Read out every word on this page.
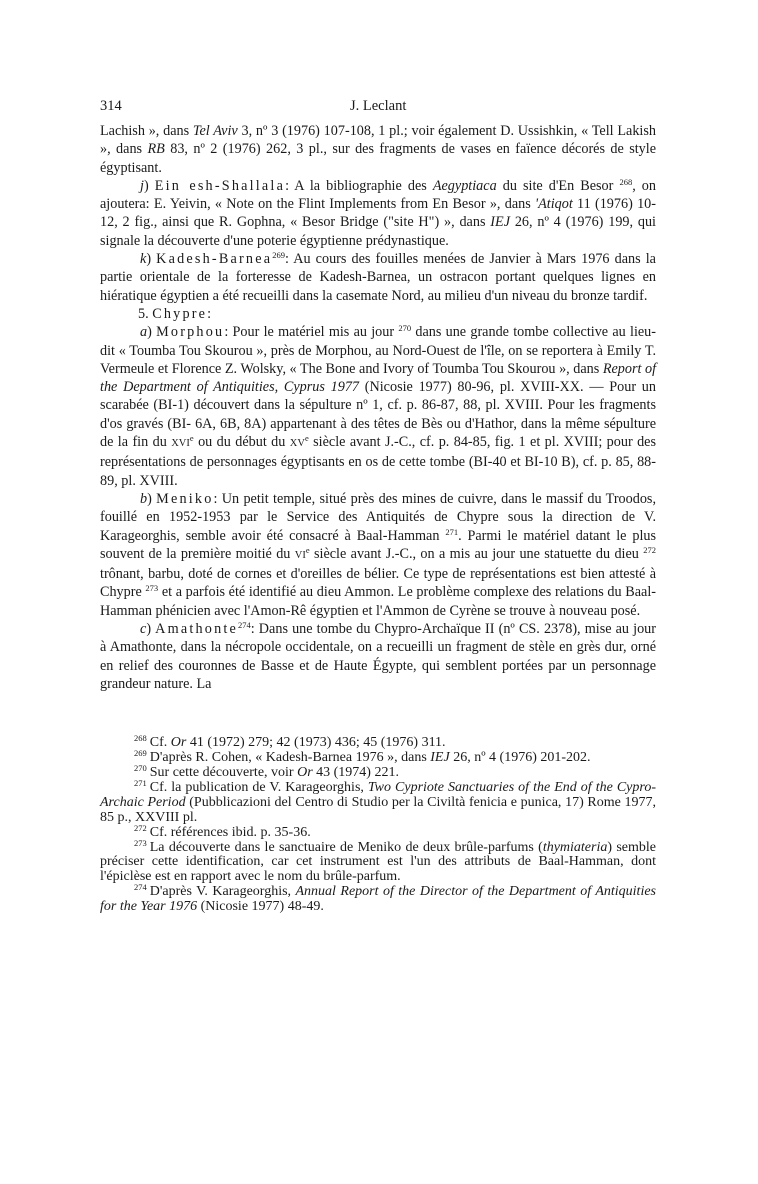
314	J. Leclant

Lachish », dans Tel Aviv 3, nº 3 (1976) 107-108, 1 pl.; voir également D. Ussishkin, « Tell Lakish », dans RB 83, nº 2 (1976) 262, 3 pl., sur des fragments de vases en faïence décorés de style égyptisant.

j) Ein esh-Shallala: A la bibliographie des Aegyptiaca du site d'En Besor $^{268}$, on ajoutera: E. Yeivin, « Note on the Flint Implements from En Besor », dans 'Atiqot 11 (1976) 10-12, 2 fig., ainsi que R. Gophna, « Besor Bridge ("site H") », dans IEJ 26, nº 4 (1976) 199, qui signale la découverte d'une poterie égyptienne prédynastique.

k) Kadesh-Barnea$^{269}$: Au cours des fouilles menées de Janvier à Mars 1976 dans la partie orientale de la forteresse de Kadesh-Barnea, un ostracon portant quelques lignes en hiératique égyptien a été recueilli dans la casemate Nord, au milieu d'un niveau du bronze tardif.

5. Chypre:

a) Morphou: Pour le matériel mis au jour $^{270}$ dans une grande tombe collective au lieu-dit « Toumba Tou Skourou », près de Morphou, au Nord-Ouest de l'île, on se reportera à Emily T. Vermeule et Florence Z. Wolsky, « The Bone and Ivory of Toumba Tou Skourou », dans Report of the Department of Antiquities, Cyprus 1977 (Nicosie 1977) 80-96, pl. XVIII-XX. — Pour un scarabée (BI-1) découvert dans la sépulture nº 1, cf. p. 86-87, 88, pl. XVIII. Pour les fragments d'os gravés (BI- 6A, 6B, 8A) appartenant à des têtes de Bès ou d'Hathor, dans la même sépulture de la fin du XVIe ou du début du XVe siècle avant J.-C., cf. p. 84-85, fig. 1 et pl. XVIII; pour des représentations de personnages égyptisants en os de cette tombe (BI-40 et BI-10 B), cf. p. 85, 88-89, pl. XVIII.

b) Meniko: Un petit temple, situé près des mines de cuivre, dans le massif du Troodos, fouillé en 1952-1953 par le Service des Antiquités de Chypre sous la direction de V. Karageorghis, semble avoir été consacré à Baal-Hamman $^{271}$. Parmi le matériel datant le plus souvent de la première moitié du VIe siècle avant J.-C., on a mis au jour une statuette du dieu $^{272}$ trônant, barbu, doté de cornes et d'oreilles de bélier. Ce type de représentations est bien attesté à Chypre $^{273}$ et a parfois été identifié au dieu Ammon. Le problème complexe des relations du Baal-Hamman phénicien avec l'Amon-Rê égyptien et l'Ammon de Cyrène se trouve à nouveau posé.

c) Amathonte$^{274}$: Dans une tombe du Chypro-Archaïque II (nº CS. 2378), mise au jour à Amathonte, dans la nécropole occidentale, on a recueilli un fragment de stèle en grès dur, orné en relief des couronnes de Basse et de Haute Égypte, qui semblent portées par un personnage grandeur nature. La

$^{268}$ Cf. Or 41 (1972) 279; 42 (1973) 436; 45 (1976) 311.

$^{269}$ D'après R. Cohen, « Kadesh-Barnea 1976 », dans IEJ 26, nº 4 (1976) 201-202.

$^{270}$ Sur cette découverte, voir Or 43 (1974) 221.

$^{271}$ Cf. la publication de V. Karageorghis, Two Cypriote Sanctuaries of the End of the Cypro-Archaic Period (Pubblicazioni del Centro di Studio per la Civiltà fenicia e punica, 17) Rome 1977, 85 p., XXVIII pl.

$^{272}$ Cf. références ibid. p. 35-36.

$^{273}$ La découverte dans le sanctuaire de Meniko de deux brûle-parfums (thymiateria) semble préciser cette identification, car cet instrument est l'un des attributs de Baal-Hamman, dont l'épiclèse est en rapport avec le nom du brûle-parfum.

$^{274}$ D'après V. Karageorghis, Annual Report of the Director of the Department of Antiquities for the Year 1976 (Nicosie 1977) 48-49.
